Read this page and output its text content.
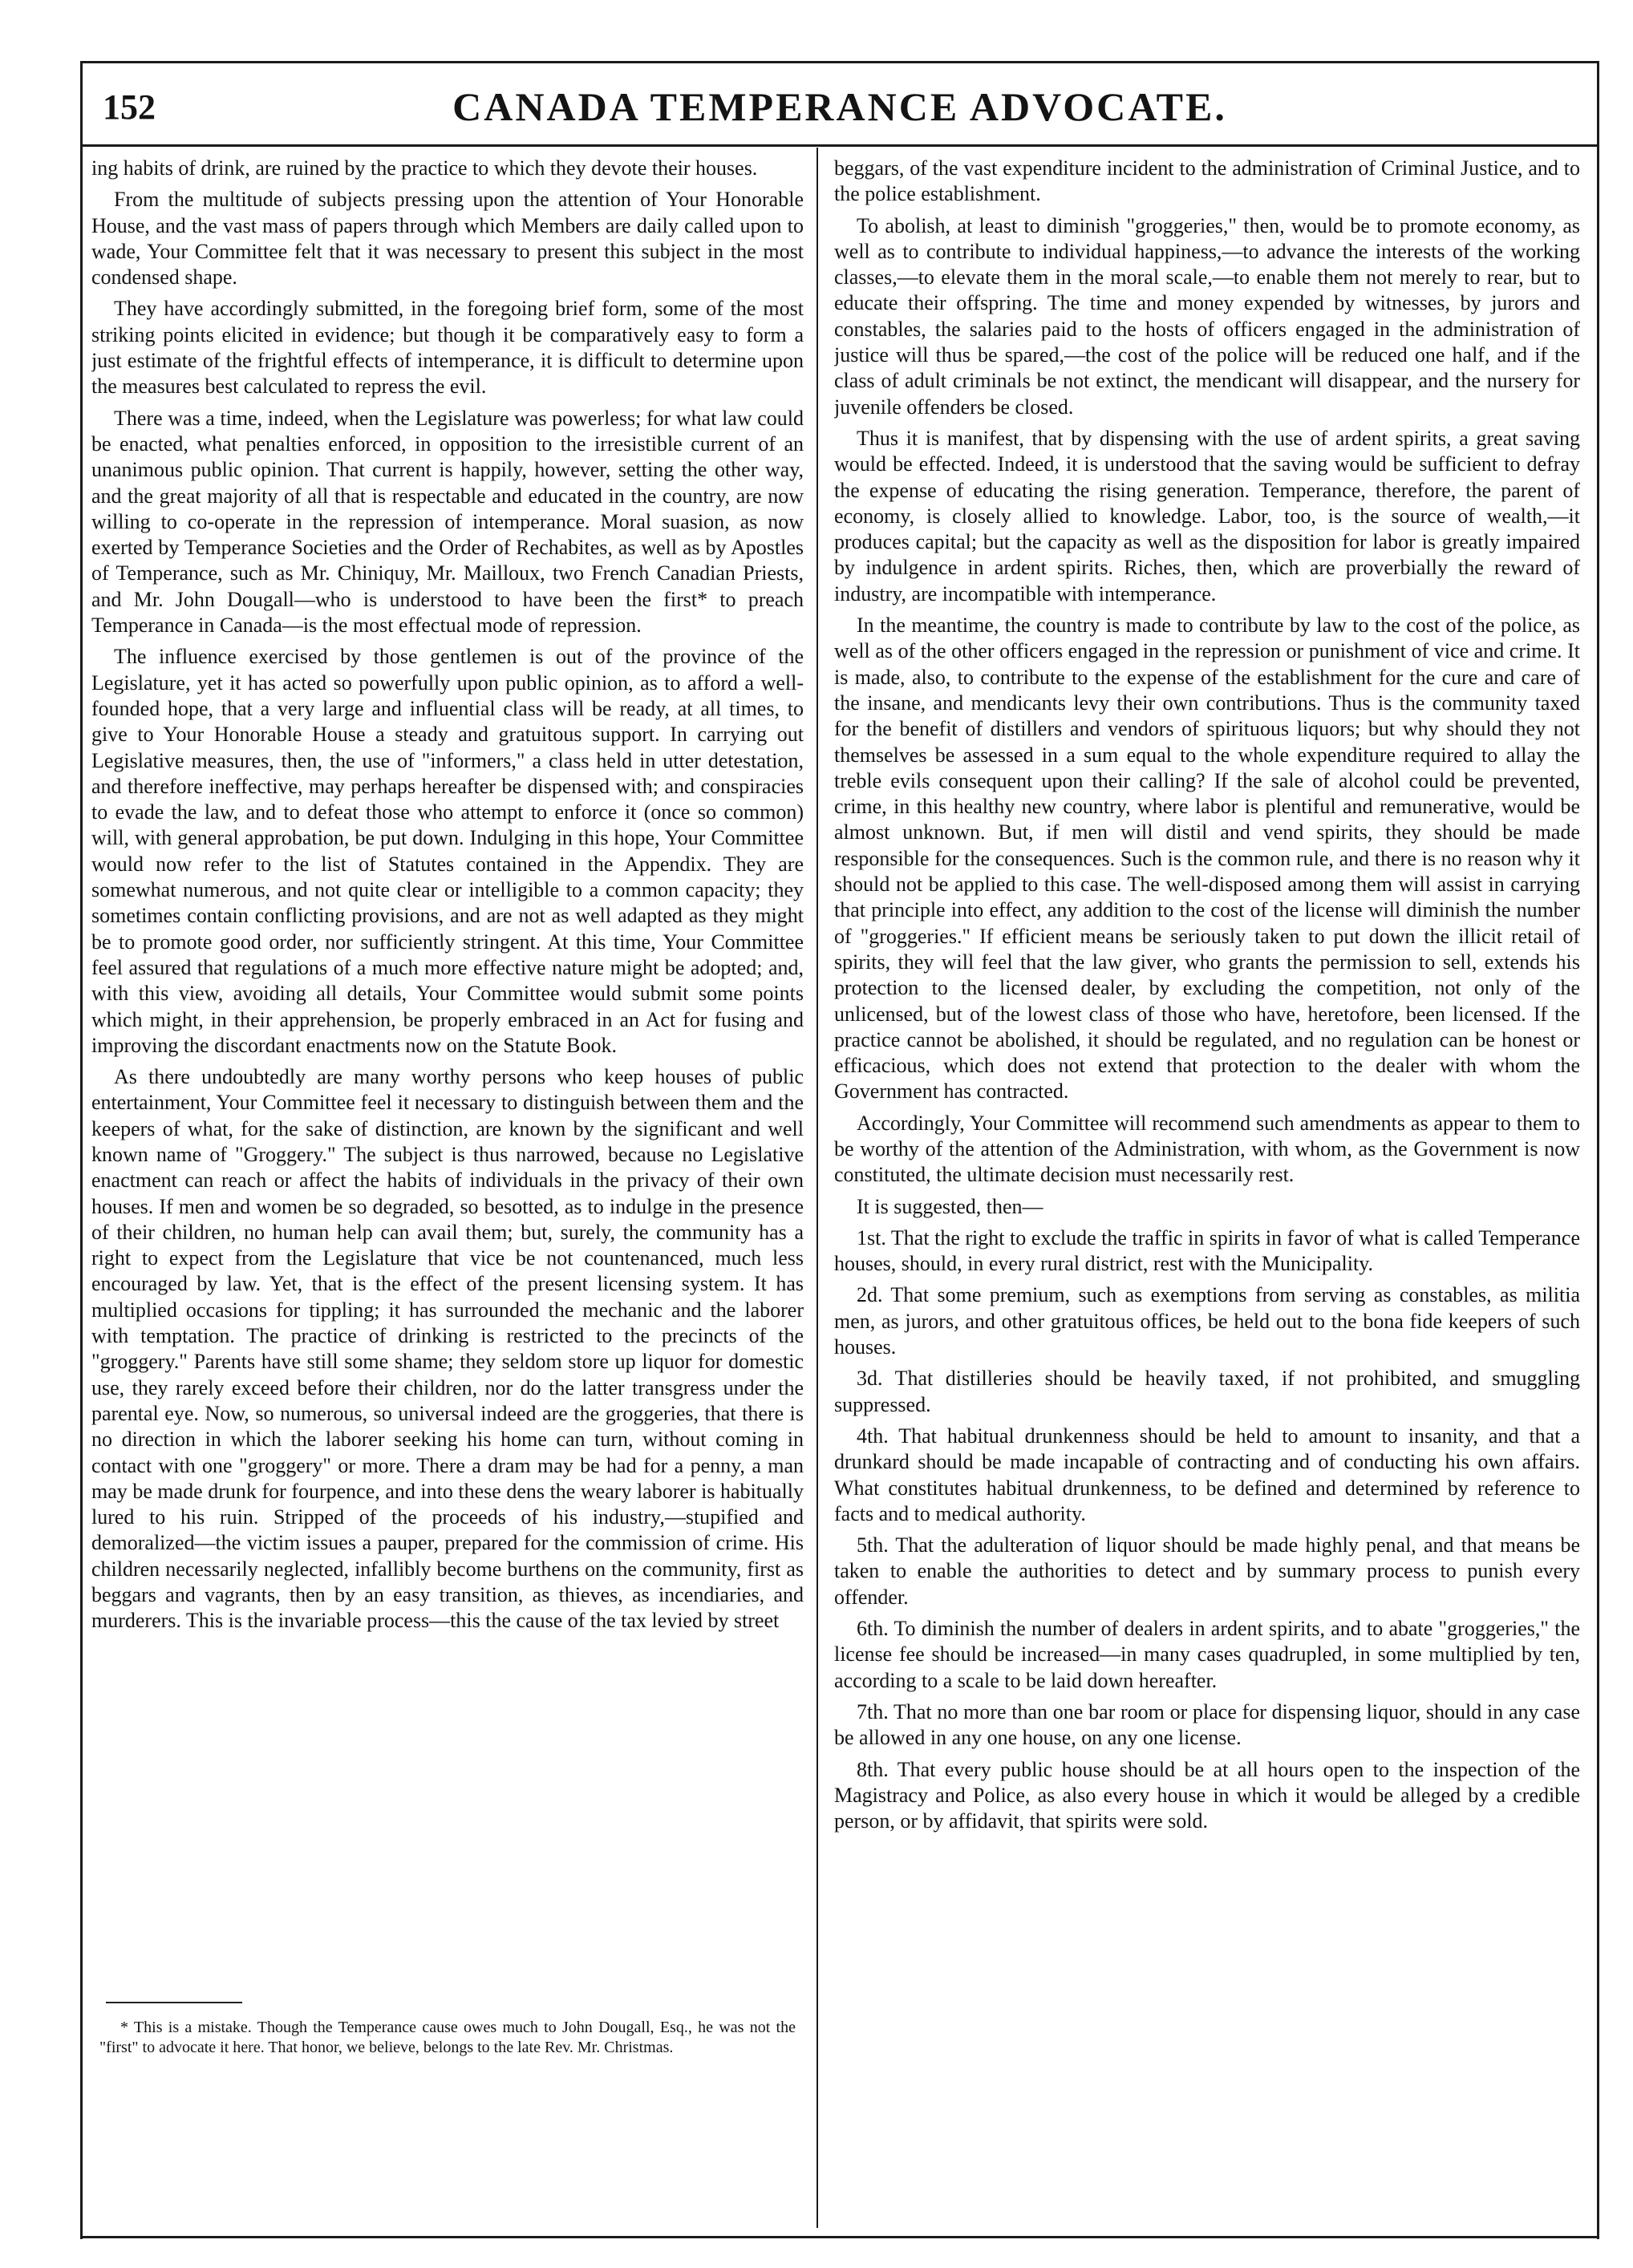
152	CANADA TEMPERANCE ADVOCATE.

ing habits of drink, are ruined by the practice to which they devote their houses.

From the multitude of subjects pressing upon the attention of Your Honorable House, and the vast mass of papers through which Members are daily called upon to wade, Your Committee felt that it was necessary to present this subject in the most condensed shape.

They have accordingly submitted, in the foregoing brief form, some of the most striking points elicited in evidence; but though it be comparatively easy to form a just estimate of the frightful effects of intemperance, it is difficult to determine upon the measures best calculated to repress the evil.

There was a time, indeed, when the Legislature was powerless; for what law could be enacted, what penalties enforced, in opposition to the irresistible current of an unanimous public opinion. That current is happily, however, setting the other way, and the great majority of all that is respectable and educated in the country, are now willing to co-operate in the repression of intemperance. Moral suasion, as now exerted by Temperance Societies and the Order of Rechabites, as well as by Apostles of Temperance, such as Mr. Chiniquy, Mr. Mailloux, two French Canadian Priests, and Mr. John Dougall—who is understood to have been the first* to preach Temperance in Canada—is the most effectual mode of repression.

The influence exercised by those gentlemen is out of the province of the Legislature, yet it has acted so powerfully upon public opinion, as to afford a well-founded hope, that a very large and influential class will be ready, at all times, to give to Your Honorable House a steady and gratuitous support. In carrying out Legislative measures, then, the use of "informers," a class held in utter detestation, and therefore ineffective, may perhaps hereafter be dispensed with; and conspiracies to evade the law, and to defeat those who attempt to enforce it (once so common) will, with general approbation, be put down. Indulging in this hope, Your Committee would now refer to the list of Statutes contained in the Appendix. They are somewhat numerous, and not quite clear or intelligible to a common capacity; they sometimes contain conflicting provisions, and are not as well adapted as they might be to promote good order, nor sufficiently stringent. At this time, Your Committee feel assured that regulations of a much more effective nature might be adopted; and, with this view, avoiding all details, Your Committee would submit some points which might, in their apprehension, be properly embraced in an Act for fusing and improving the discordant enactments now on the Statute Book.

As there undoubtedly are many worthy persons who keep houses of public entertainment, Your Committee feel it necessary to distinguish between them and the keepers of what, for the sake of distinction, are known by the significant and well known name of "Groggery." The subject is thus narrowed, because no Legislative enactment can reach or affect the habits of individuals in the privacy of their own houses. If men and women be so degraded, so besotted, as to indulge in the presence of their children, no human help can avail them; but, surely, the community has a right to expect from the Legislature that vice be not countenanced, much less encouraged by law. Yet, that is the effect of the present licensing system. It has multiplied occasions for tippling; it has surrounded the mechanic and the laborer with temptation. The practice of drinking is restricted to the precincts of the "groggery." Parents have still some shame; they seldom store up liquor for domestic use, they rarely exceed before their children, nor do the latter transgress under the parental eye. Now, so numerous, so universal indeed are the groggeries, that there is no direction in which the laborer seeking his home can turn, without coming in contact with one "groggery" or more. There a dram may be had for a penny, a man may be made drunk for fourpence, and into these dens the weary laborer is habitually lured to his ruin. Stripped of the proceeds of his industry,—stupified and demoralized—the victim issues a pauper, prepared for the commission of crime. His children necessarily neglected, infallibly become burthens on the community, first as beggars and vagrants, then by an easy transition, as thieves, as incendiaries, and murderers. This is the invariable process—this the cause of the tax levied by street

* This is a mistake. Though the Temperance cause owes much to John Dougall, Esq., he was not the "first" to advocate it here. That honor, we believe, belongs to the late Rev. Mr. Christmas.

beggars, of the vast expenditure incident to the administration of Criminal Justice, and to the police establishment.

To abolish, at least to diminish "groggeries," then, would be to promote economy, as well as to contribute to individual happiness,—to advance the interests of the working classes,—to elevate them in the moral scale,—to enable them not merely to rear, but to educate their offspring. The time and money expended by witnesses, by jurors and constables, the salaries paid to the hosts of officers engaged in the administration of justice will thus be spared,—the cost of the police will be reduced one half, and if the class of adult criminals be not extinct, the mendicant will disappear, and the nursery for juvenile offenders be closed.

Thus it is manifest, that by dispensing with the use of ardent spirits, a great saving would be effected. Indeed, it is understood that the saving would be sufficient to defray the expense of educating the rising generation. Temperance, therefore, the parent of economy, is closely allied to knowledge. Labor, too, is the source of wealth,—it produces capital; but the capacity as well as the disposition for labor is greatly impaired by indulgence in ardent spirits. Riches, then, which are proverbially the reward of industry, are incompatible with intemperance.

In the meantime, the country is made to contribute by law to the cost of the police, as well as of the other officers engaged in the repression or punishment of vice and crime. It is made, also, to contribute to the expense of the establishment for the cure and care of the insane, and mendicants levy their own contributions. Thus is the community taxed for the benefit of distillers and vendors of spirituous liquors; but why should they not themselves be assessed in a sum equal to the whole expenditure required to allay the treble evils consequent upon their calling? If the sale of alcohol could be prevented, crime, in this healthy new country, where labor is plentiful and remunerative, would be almost unknown. But, if men will distil and vend spirits, they should be made responsible for the consequences. Such is the common rule, and there is no reason why it should not be applied to this case. The well-disposed among them will assist in carrying that principle into effect, any addition to the cost of the license will diminish the number of "groggeries." If efficient means be seriously taken to put down the illicit retail of spirits, they will feel that the law giver, who grants the permission to sell, extends his protection to the licensed dealer, by excluding the competition, not only of the unlicensed, but of the lowest class of those who have, heretofore, been licensed. If the practice cannot be abolished, it should be regulated, and no regulation can be honest or efficacious, which does not extend that protection to the dealer with whom the Government has contracted.

Accordingly, Your Committee will recommend such amendments as appear to them to be worthy of the attention of the Administration, with whom, as the Government is now constituted, the ultimate decision must necessarily rest.

It is suggested, then—

1st. That the right to exclude the traffic in spirits in favor of what is called Temperance houses, should, in every rural district, rest with the Municipality.

2d. That some premium, such as exemptions from serving as constables, as militia men, as jurors, and other gratuitous offices, be held out to the bona fide keepers of such houses.

3d. That distilleries should be heavily taxed, if not prohibited, and smuggling suppressed.

4th. That habitual drunkenness should be held to amount to insanity, and that a drunkard should be made incapable of contracting and of conducting his own affairs. What constitutes habitual drunkenness, to be defined and determined by reference to facts and to medical authority.

5th. That the adulteration of liquor should be made highly penal, and that means be taken to enable the authorities to detect and by summary process to punish every offender.

6th. To diminish the number of dealers in ardent spirits, and to abate "groggeries," the license fee should be increased—in many cases quadrupled, in some multiplied by ten, according to a scale to be laid down hereafter.

7th. That no more than one bar room or place for dispensing liquor, should in any case be allowed in any one house, on any one license.

8th. That every public house should be at all hours open to the inspection of the Magistracy and Police, as also every house in which it would be alleged by a credible person, or by affidavit, that spirits were sold.
